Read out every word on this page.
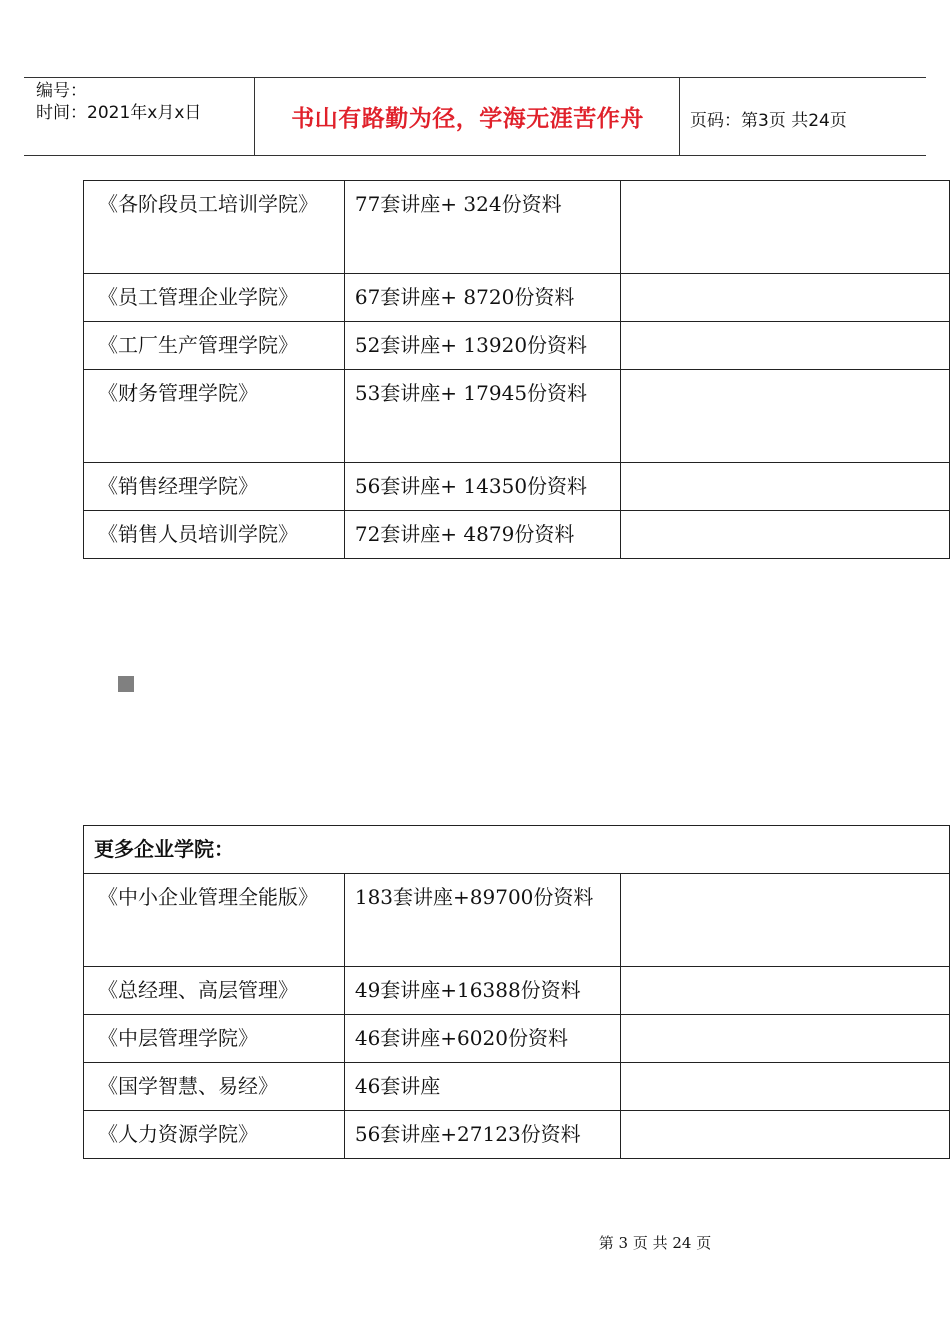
编号：
时间：2021年x月x日	书山有路勤为径，学海无涯苦作舟	页码：第3页 共24页
《各阶段员工培训学院》	77套讲座+ 324份资料	
《员工管理企业学院》	67套讲座+ 8720份资料	
《工厂生产管理学院》	52套讲座+ 13920份资料	
《财务管理学院》	53套讲座+ 17945份资料	
《销售经理学院》	56套讲座+ 14350份资料	
《销售人员培训学院》	72套讲座+ 4879份资料	
更多企业学院：		
《中小企业管理全能版》	183套讲座+89700份资料	
《总经理、高层管理》	49套讲座+16388份资料	
《中层管理学院》	46套讲座+6020份资料	
《国学智慧、易经》	46套讲座	
《人力资源学院》	56套讲座+27123份资料	
第 3 页 共 24 页
